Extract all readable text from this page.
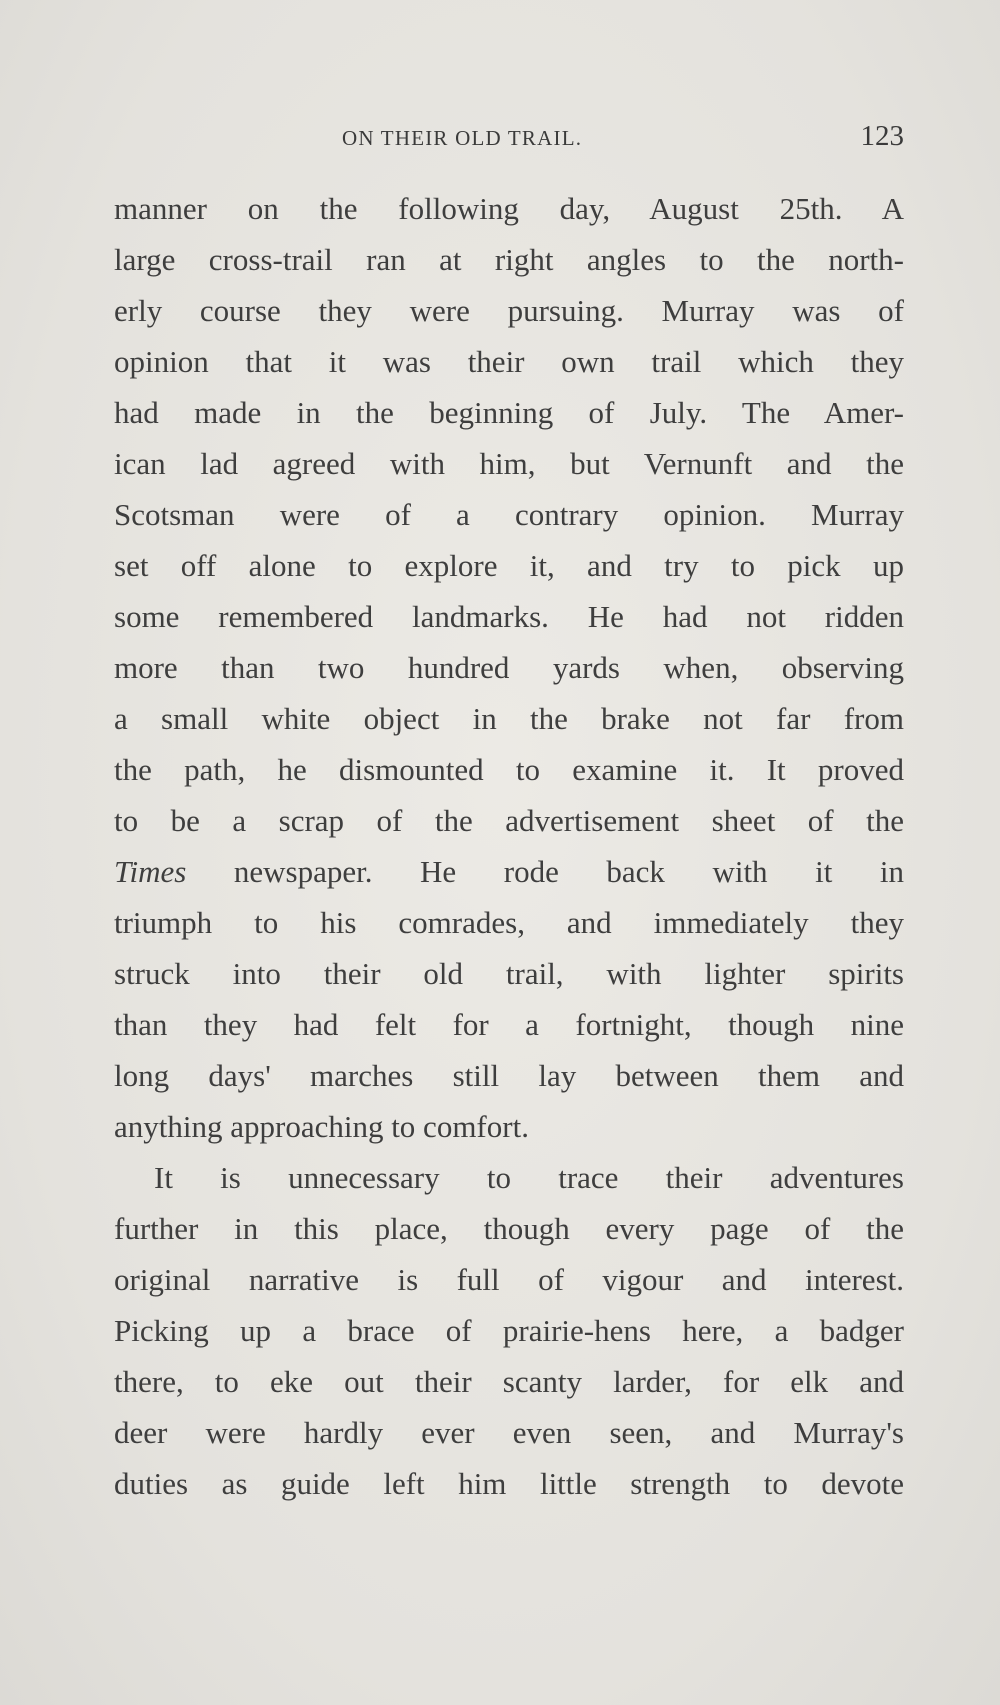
ON THEIR OLD TRAIL.	123
manner on the following day, August 25th. A
large cross-trail ran at right angles to the north-
erly course they were pursuing. Murray was of
opinion that it was their own trail which they
had made in the beginning of July. The Amer-
ican lad agreed with him, but Vernunft and the
Scotsman were of a contrary opinion. Murray
set off alone to explore it, and try to pick up
some remembered landmarks. He had not ridden
more than two hundred yards when, observing
a small white object in the brake not far from
the path, he dismounted to examine it. It proved
to be a scrap of the advertisement sheet of the
Times newspaper. He rode back with it in
triumph to his comrades, and immediately they
struck into their old trail, with lighter spirits
than they had felt for a fortnight, though nine
long days' marches still lay between them and
anything approaching to comfort.
It is unnecessary to trace their adventures
further in this place, though every page of the
original narrative is full of vigour and interest.
Picking up a brace of prairie-hens here, a badger
there, to eke out their scanty larder, for elk and
deer were hardly ever even seen, and Murray's
duties as guide left him little strength to devote
